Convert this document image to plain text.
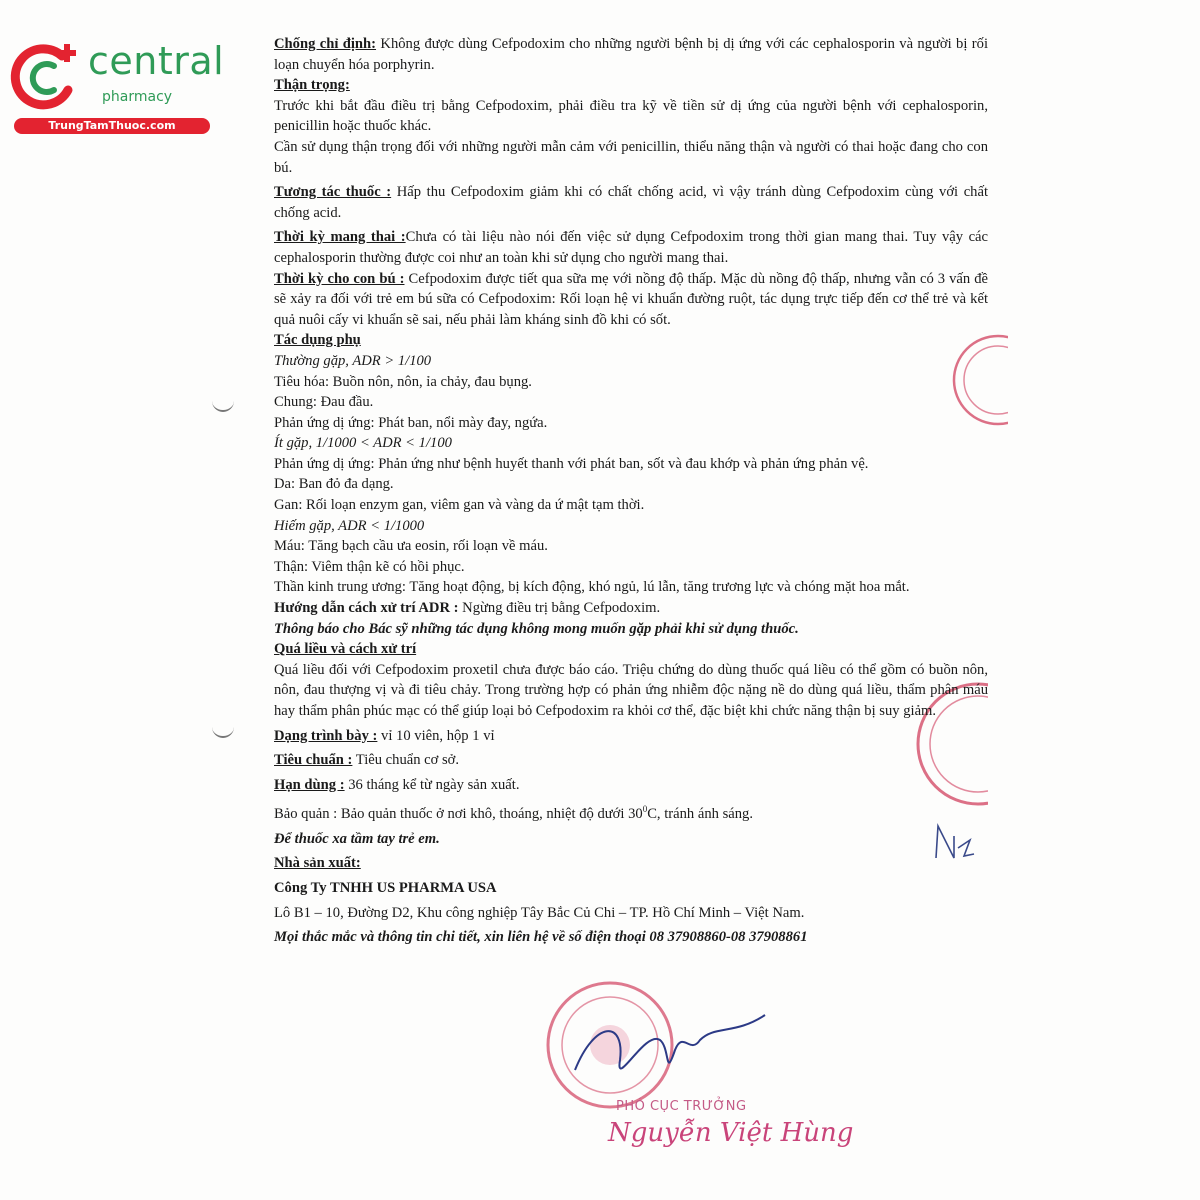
central
pharmacy
TrungTamThuoc.com

Chống chỉ định: Không được dùng Cefpodoxim cho những người bệnh bị dị ứng với các cephalosporin và người bị rối loạn chuyển hóa porphyrin.

Thận trọng:

Trước khi bắt đầu điều trị bằng Cefpodoxim, phải điều tra kỹ về tiền sử dị ứng của người bệnh với cephalosporin, penicillin hoặc thuốc khác.

Cần sử dụng thận trọng đối với những người mẫn cảm với penicillin, thiểu năng thận và người có thai hoặc đang cho con bú.

Tương tác thuốc : Hấp thu Cefpodoxim giảm khi có chất chống acid, vì vậy tránh dùng Cefpodoxim cùng với chất chống acid.

Thời kỳ mang thai :Chưa có tài liệu nào nói đến việc sử dụng Cefpodoxim trong thời gian mang thai. Tuy vậy các cephalosporin thường được coi như an toàn khi sử dụng cho người mang thai.

Thời kỳ cho con bú : Cefpodoxim được tiết qua sữa mẹ với nồng độ thấp. Mặc dù nồng độ thấp, nhưng vẫn có 3 vấn đề sẽ xảy ra đối với trẻ em bú sữa có Cefpodoxim: Rối loạn hệ vi khuẩn đường ruột, tác dụng trực tiếp đến cơ thể trẻ và kết quả nuôi cấy vi khuẩn sẽ sai, nếu phải làm kháng sinh đồ khi có sốt.

Tác dụng phụ

Thường gặp, ADR > 1/100

Tiêu hóa: Buồn nôn, nôn, ỉa chảy, đau bụng.

Chung: Đau đầu.

Phản ứng dị ứng: Phát ban, nổi mày đay, ngứa.

Ít gặp, 1/1000 < ADR < 1/100

Phản ứng dị ứng: Phản ứng như bệnh huyết thanh với phát ban, sốt và đau khớp và phản ứng phản vệ.

Da: Ban đỏ đa dạng.

Gan: Rối loạn enzym gan, viêm gan và vàng da ứ mật tạm thời.

Hiếm gặp, ADR < 1/1000

Máu: Tăng bạch cầu ưa eosin, rối loạn về máu.

Thận: Viêm thận kẽ có hồi phục.

Thần kinh trung ương: Tăng hoạt động, bị kích động, khó ngủ, lú lẫn, tăng trương lực và chóng mặt hoa mắt.

Hướng dẫn cách xử trí ADR : Ngừng điều trị bằng Cefpodoxim.

Thông báo cho Bác sỹ những tác dụng không mong muốn gặp phải khi sử dụng thuốc.

Quá liều và cách xử trí

Quá liều đối với Cefpodoxim proxetil chưa được báo cáo. Triệu chứng do dùng thuốc quá liều có thể gồm có buồn nôn, nôn, đau thượng vị và đi tiêu chảy. Trong trường hợp có phản ứng nhiễm độc nặng nề do dùng quá liều, thẩm phân máu hay thẩm phân phúc mạc có thể giúp loại bỏ Cefpodoxim ra khỏi cơ thể, đặc biệt khi chức năng thận bị suy giảm.

Dạng trình bày : vỉ 10 viên, hộp 1 vỉ

Tiêu chuẩn : Tiêu chuẩn cơ sở.

Hạn dùng : 36 tháng kể từ ngày sản xuất.

Bảo quản : Bảo quản thuốc ở nơi khô, thoáng, nhiệt độ dưới $30^0C$, tránh ánh sáng.

Để thuốc xa tầm tay trẻ em.

Nhà sản xuất:

Công Ty TNHH US PHARMA USA

Lô B1 – 10, Đường D2, Khu công nghiệp Tây Bắc Củ Chi – TP. Hồ Chí Minh – Việt Nam.

Mọi thắc mắc và thông tin chi tiết, xin liên hệ về số điện thoại 08 37908860-08 37908861

PHÓ CỤC TRƯỞNG
Nguyễn Việt Hùng
